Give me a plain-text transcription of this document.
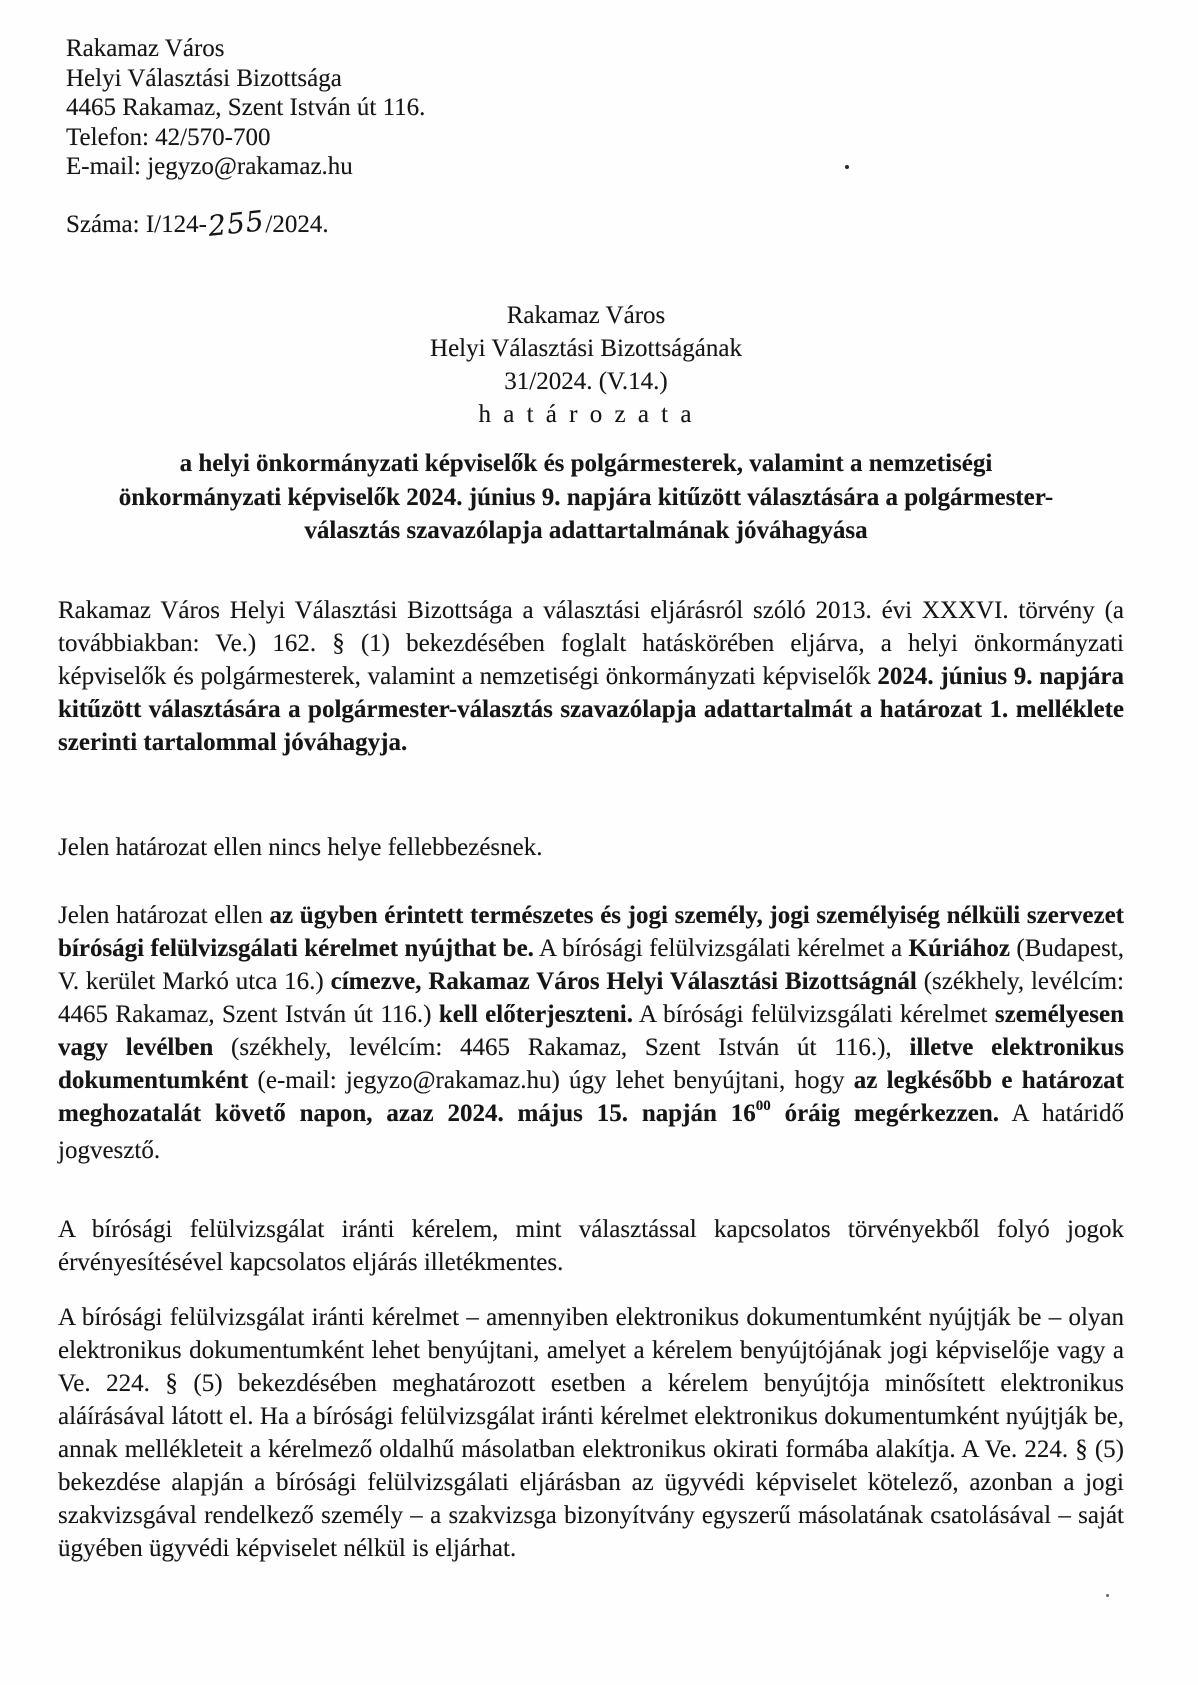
Rakamaz Város
Helyi Választási Bizottsága
4465 Rakamaz, Szent István út 116.
Telefon: 42/570-700
E-mail: jegyzo@rakamaz.hu
Száma: I/124-255/2024.
Rakamaz Város
Helyi Választási Bizottságának
31/2024. (V.14.)
h a t á r o z a t a
a helyi önkormányzati képviselők és polgármesterek, valamint a nemzetiségi
önkormányzati képviselők 2024. június 9. napjára kitűzött választására a polgármester-
választás szavazólapja adattartalmának jóváhagyása

Rakamaz Város Helyi Választási Bizottsága a választási eljárásról szóló 2013. évi XXXVI. törvény (a továbbiakban: Ve.) 162. § (1) bekezdésében foglalt hatáskörében eljárva, a helyi önkormányzati képviselők és polgármesterek, valamint a nemzetiségi önkormányzati képviselők 2024. június 9. napjára kitűzött választására a polgármester-választás szavazólapja adattartalmát a határozat 1. melléklete szerinti tartalommal jóváhagyja.

Jelen határozat ellen nincs helye fellebbezésnek.

Jelen határozat ellen az ügyben érintett természetes és jogi személy, jogi személyiség nélküli szervezet bírósági felülvizsgálati kérelmet nyújthat be. A bírósági felülvizsgálati kérelmet a Kúriához (Budapest, V. kerület Markó utca 16.) címezve, Rakamaz Város Helyi Választási Bizottságnál (székhely, levélcím: 4465 Rakamaz, Szent István út 116.) kell előterjeszteni. A bírósági felülvizsgálati kérelmet személyesen vagy levélben (székhely, levélcím: 4465 Rakamaz, Szent István út 116.), illetve elektronikus dokumentumként (e-mail: jegyzo@rakamaz.hu) úgy lehet benyújtani, hogy az legkésőbb e határozat meghozatalát követő napon, azaz 2024. május 15. napján $16^{00}$ óráig megérkezzen. A határidő jogvesztő.

A bírósági felülvizsgálat iránti kérelem, mint választással kapcsolatos törvényekből folyó jogok érvényesítésével kapcsolatos eljárás illetékmentes.

A bírósági felülvizsgálat iránti kérelmet – amennyiben elektronikus dokumentumként nyújtják be – olyan elektronikus dokumentumként lehet benyújtani, amelyet a kérelem benyújtójának jogi képviselője vagy a Ve. 224. § (5) bekezdésében meghatározott esetben a kérelem benyújtója minősített elektronikus aláírásával látott el. Ha a bírósági felülvizsgálat iránti kérelmet elektronikus dokumentumként nyújtják be, annak mellékleteit a kérelmező oldalhű másolatban elektronikus okirati formába alakítja. A Ve. 224. § (5) bekezdése alapján a bírósági felülvizsgálati eljárásban az ügyvédi képviselet kötelező, azonban a jogi szakvizsgával rendelkező személy – a szakvizsga bizonyítvány egyszerű másolatának csatolásával – saját ügyében ügyvédi képviselet nélkül is eljárhat.
